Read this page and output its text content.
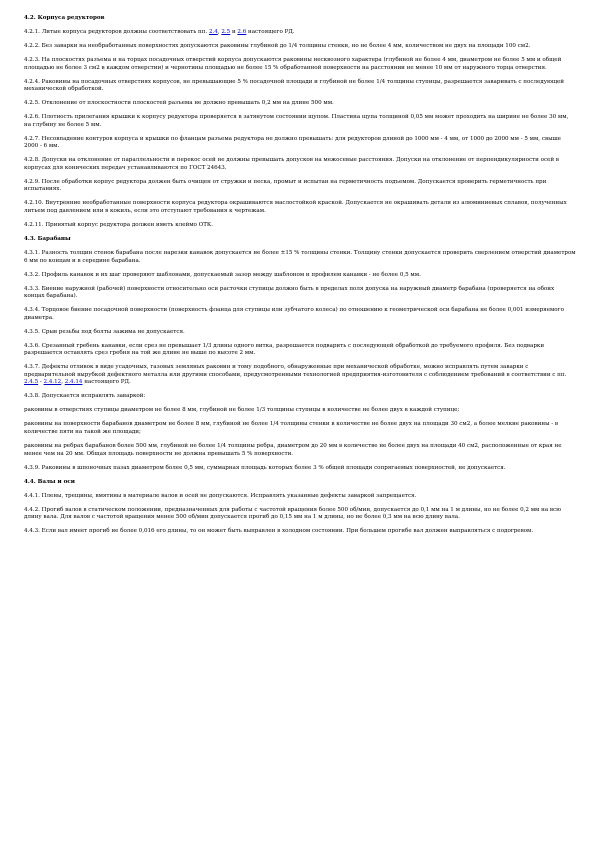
4.2. Корпуса редукторов
4.2.1. Литые корпуса редукторов должны соответствовать пп. 2.4, 2.5 и 2.6 настоящего РД.
4.2.2. Без заварки на необработанных поверхностях допускаются раковины глубиной до 1/4 толщины стенки, но не более 4 мм, количеством не двух на площади 100 см2.
4.2.3. На плоскостях разъема и на торцах посадочных отверстий корпуса допускаются раковины несквозного характера (глубиной не более 4 мм, диаметром не более 5 мм и общей площадью не более 3 см2 в каждом отверстии) и чернотины площадью не более 15 % обработанной поверхности на расстоянии не менее 10 мм от наружного торца отверстия.
4.2.4. Раковины на посадочных отверстиях корпусов, не превышающие 5 % посадочной площади и глубиной не более 1/4 толщины ступицы, разрешается заваривать с последующей механической обработкой.
4.2.5. Отклонение от плоскостности плоскостей разъема не должно превышать 0,2 мм на длине 500 мм.
4.2.6. Плотность прилегания крышки к корпусу редуктора проверяется в затянутом состоянии щупом. Пластина щупа толщиной 0,05 мм может проходить на ширине не более 30 мм, на глубину не более 5 мм.
4.2.7. Несовпадение контуров корпуса и крышки по фланцам разъема редуктора не должно превышать: для редукторов длиной до 1000 мм - 4 мм, от 1000 до 2000 мм - 5 мм, свыше 2000 - 6 мм.
4.2.8. Допуски на отклонение от параллельности и перекос осей не должны превышать допусков на межосевые расстояния. Допуски на отклонение от перпендикулярности осей в корпусах для конических передач устанавливаются по ГОСТ 24643.
4.2.9. После обработки корпус редуктора должен быть очищен от стружки и песка, промыт и испытан на герметичность подъемом. Допускается проверить герметичность при испытаниях.
4.2.10. Внутренние необработанные поверхности корпуса редуктора окрашиваются маслостойкой краской. Допускается не окрашивать детали из алюминиевых сплавов, полученных литьем под давлением или в кокиль, если это отступают требования к чертежам.
4.2.11. Принятый корпус редуктора должен иметь клеймо ОТК.
4.3. Барабаны
4.3.1. Разность толщин стенок барабана после нарезки канавок допускается не более ±15 % толщины стенки. Толщину стенки допускается проверить сверлением отверстий диаметром 6 мм по концам и в середине барабана.
4.3.2. Профиль канавок и их шаг проверяют шаблонами, допускаемый зазор между шаблоном и профилем канавки - не более 0,5 мм.
4.3.3. Биение наружной (рабочей) поверхности относительно оси расточки ступицы должно быть в пределах поля допуска на наружный диаметр барабана (проверяется на обоих концах барабана).
4.3.4. Торцовое биение посадочной поверхности (поверхность фланца для ступицы или зубчатого колеса) по отношению к геометрической оси барабана не более 0,001 измеряемого диаметра.
4.3.5. Срыв резьбы под болты зажима не допускается.
4.3.6. Срезанный гребень канавки, если срез не превышает 1/3 длины одного витка, разрешается подварить с последующей обработкой до требуемого профиля. Без подварки разрешается оставлять срез гребня на той же длине не выше по высоте 2 мм.
4.3.7. Дефекты отливок в виде усадочных, газовых земляных раковин и тому подобного, обнаруженные при механической обработке, можно исправлять путем заварки с предварительной вырубкой дефектного металла или другими способами, предусмотренными технологией предприятия-изготовителя с соблюдением требований в соответствии с пп. 2.4.5 - 2.4.12, 2.4.14 настоящего РД.
4.3.8. Допускается исправлять заваркой:
раковины в отверстиях ступицы диаметром не более 8 мм, глубиной не более 1/3 толщины ступицы в количестве не более двух в каждой ступице;
раковины на поверхности барабанов диаметром не более 8 мм, глубиной не более 1/4 толщины стенки в количестве не более двух на площади 30 см2, а более мелкие раковины - в количестве пяти на такой же площади;
раковины на ребрах барабанов более 500 мм, глубиной не более 1/4 толщины ребра, диаметром до 20 мм в количестве не более двух на площади 40 см2, расположенные от края не менее чем на 20 мм. Общая площадь поверхности не должна превышать 5 % поверхности.
4.3.9. Раковины в шпоночных пазах диаметром более 0,5 мм, суммарная площадь которых более 3 % общей площади сопрягаемых поверхностей, не допускается.
4.4. Валы и оси
4.4.1. Плены, трещины, вмятины в материале валов и осей не допускаются. Исправлять указанные дефекты заваркой запрещается.
4.4.2. Прогиб валов в статическом положении, предназначенных для работы с частотой вращения более 500 об/мин, допускается до 0,1 мм на 1 м длины, но не более 0,2 мм на всю длину вала. Для валов с частотой вращения менее 500 об/мин допускается прогиб до 0,15 мм на 1 м длины, но не более 0,3 мм на всю длину вала.
4.4.3. Если вал имеет прогиб не более 0,016 его длины, то он может быть выправлен в холодном состоянии. При большем прогибе вал должен выправляться с подогревом.
